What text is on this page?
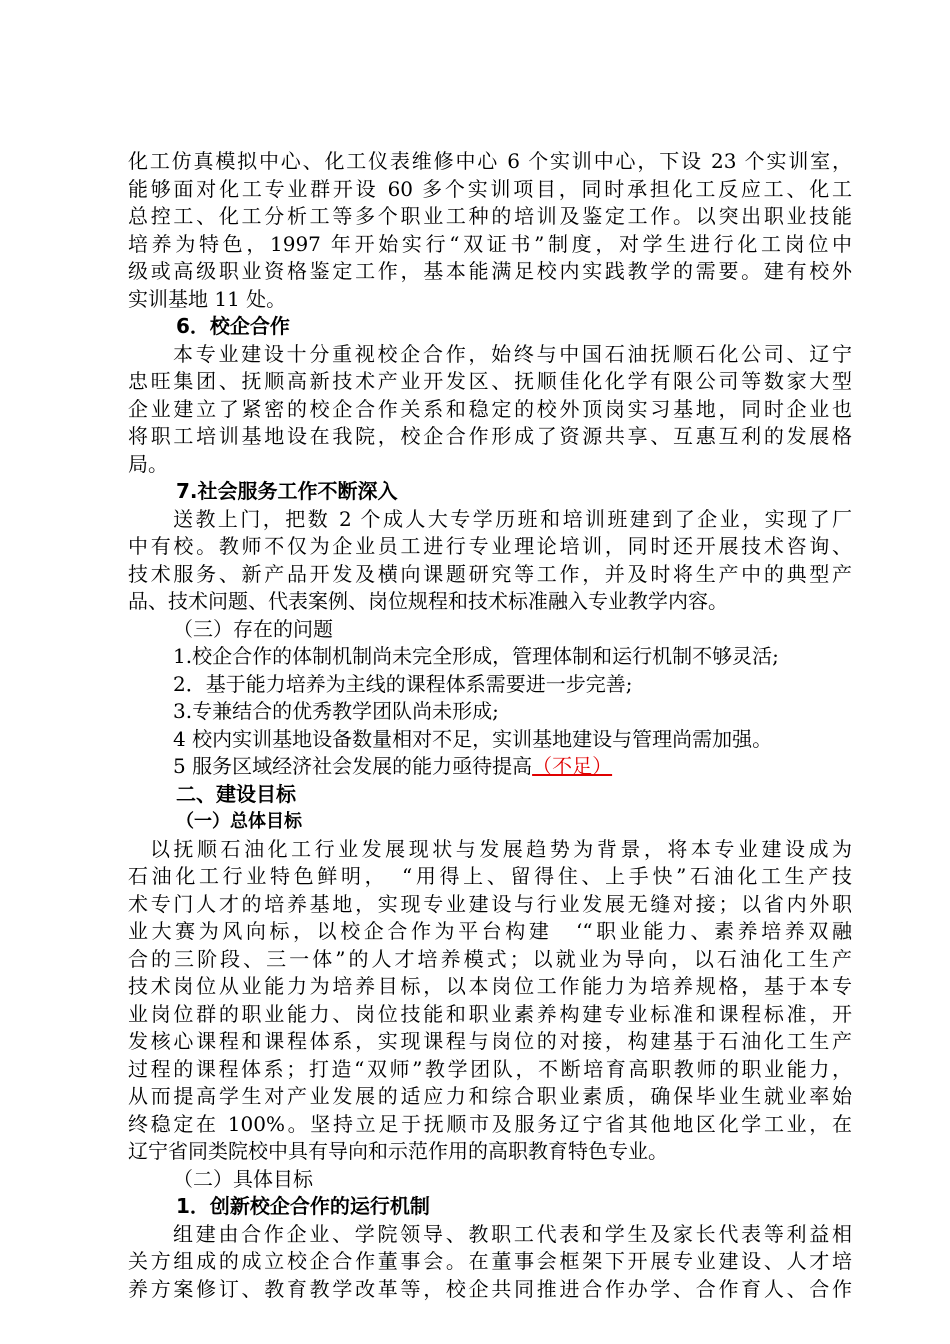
化工仿真模拟中心、化工仪表维修中心 6 个实训中心，下设 23 个实训室，
能够面对化工专业群开设 60 多个实训项目，同时承担化工反应工、化工
总控工、化工分析工等多个职业工种的培训及鉴定工作。以突出职业技能
培养为特色，1997 年开始实行“双证书”制度，对学生进行化工岗位中
级或高级职业资格鉴定工作，基本能满足校内实践教学的需要。建有校外
实训基地 11 处。
6．校企合作
本专业建设十分重视校企合作，始终与中国石油抚顺石化公司、辽宁
忠旺集团、抚顺高新技术产业开发区、抚顺佳化化学有限公司等数家大型
企业建立了紧密的校企合作关系和稳定的校外顶岗实习基地，同时企业也
将职工培训基地设在我院，校企合作形成了资源共享、互惠互利的发展格
局。
7.社会服务工作不断深入
送教上门，把数 2 个成人大专学历班和培训班建到了企业，实现了厂
中有校。教师不仅为企业员工进行专业理论培训，同时还开展技术咨询、
技术服务、新产品开发及横向课题研究等工作，并及时将生产中的典型产
品、技术问题、代表案例、岗位规程和技术标准融入专业教学内容。
（三）存在的问题
1.校企合作的体制机制尚未完全形成，管理体制和运行机制不够灵活;
2．基于能力培养为主线的课程体系需要进一步完善;
3.专兼结合的优秀教学团队尚未形成;
4 校内实训基地设备数量相对不足，实训基地建设与管理尚需加强。
5 服务区域经济社会发展的能力亟待提高（不足）
二、建设目标
（一）总体目标
以抚顺石油化工行业发展现状与发展趋势为背景，将本专业建设成为
石油化工行业特色鲜明，　“用得上、留得住、上手快”石油化工生产技
术专门人才的培养基地，实现专业建设与行业发展无缝对接；以省内外职
业大赛为风向标，以校企合作为平台构建　‘“职业能力、素养培养双融
合的三阶段、三一体”的人才培养模式；以就业为导向，以石油化工生产
技术岗位从业能力为培养目标，以本岗位工作能力为培养规格，基于本专
业岗位群的职业能力、岗位技能和职业素养构建专业标准和课程标准，开
发核心课程和课程体系，实现课程与岗位的对接，构建基于石油化工生产
过程的课程体系；打造“双师”教学团队，不断培育高职教师的职业能力，
从而提高学生对产业发展的适应力和综合职业素质，确保毕业生就业率始
终稳定在 100%。坚持立足于抚顺市及服务辽宁省其他地区化学工业，在
辽宁省同类院校中具有导向和示范作用的高职教育特色专业。
（二）具体目标
1．创新校企合作的运行机制
组建由合作企业、学院领导、教职工代表和学生及家长代表等利益相
关方组成的成立校企合作董事会。在董事会框架下开展专业建设、人才培
养方案修订、教育教学改革等，校企共同推进合作办学、合作育人、合作
